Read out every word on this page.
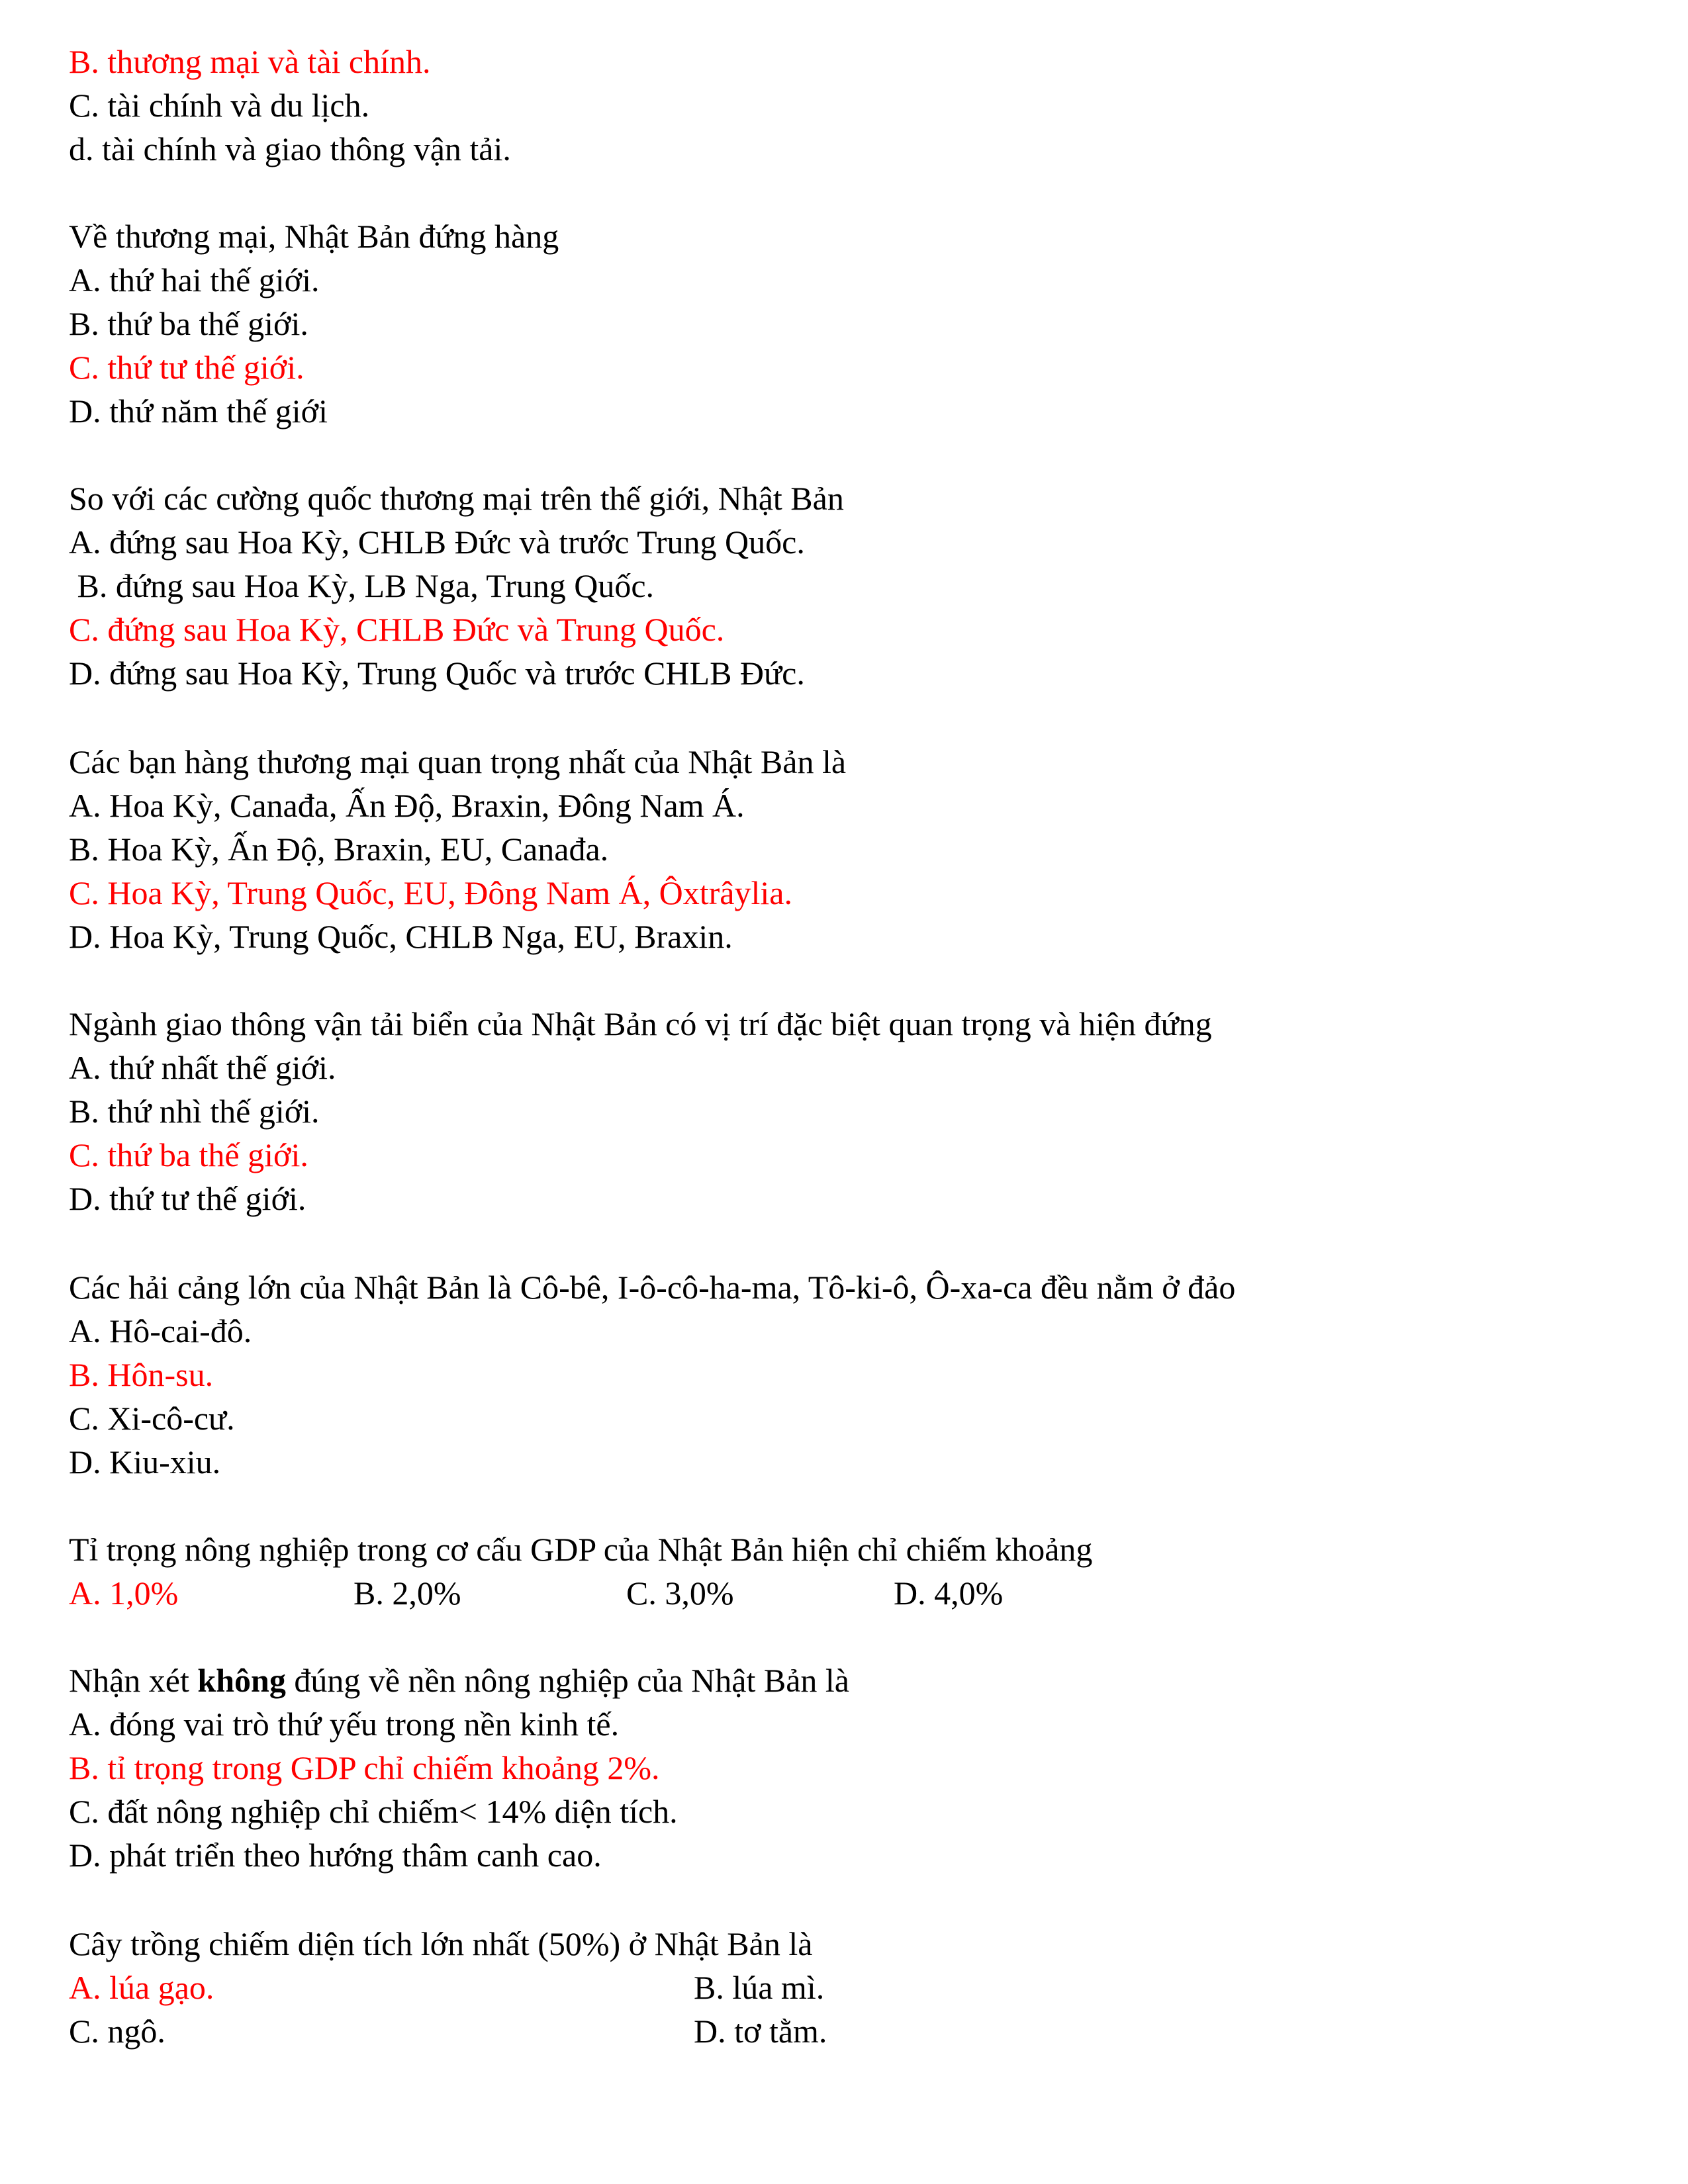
B. thương mại và tài chính.
C. tài chính và du lịch.
d. tài chính và giao thông vận tải.
Về thương mại, Nhật Bản đứng hàng
A. thứ hai thế giới.
B. thứ ba thế giới.
C. thứ tư thế giới.
D. thứ năm thế giới
So với các cường quốc thương mại trên thế giới, Nhật Bản
A. đứng sau Hoa Kỳ, CHLB Đức và trước Trung Quốc.
B. đứng sau Hoa Kỳ, LB Nga, Trung Quốc.
C. đứng sau Hoa Kỳ, CHLB Đức và Trung Quốc.
D. đứng sau Hoa Kỳ, Trung Quốc và trước CHLB Đức.
Các bạn hàng thương mại quan trọng nhất của Nhật Bản là
A. Hoa Kỳ, Canađa, Ấn Độ, Braxin, Đông Nam Á.
B. Hoa Kỳ, Ấn Độ, Braxin, EU, Canađa.
C. Hoa Kỳ, Trung Quốc, EU, Đông Nam Á, Ôxtrâylia.
D. Hoa Kỳ, Trung Quốc, CHLB Nga, EU, Braxin.
Ngành giao thông vận tải biển của Nhật Bản có vị trí đặc biệt quan trọng và hiện đứng
A. thứ nhất thế giới.
B. thứ nhì thế giới.
C. thứ ba thế giới.
D. thứ tư thế giới.
Các hải cảng lớn của Nhật Bản là Cô-bê, I-ô-cô-ha-ma, Tô-ki-ô, Ô-xa-ca đều nằm ở đảo
A. Hô-cai-đô.
B. Hôn-su.
C. Xi-cô-cư.
D. Kiu-xiu.
Tỉ trọng nông nghiệp trong cơ cấu GDP của Nhật Bản hiện chỉ chiếm khoảng
A. 1,0%	B. 2,0%	C. 3,0%	D. 4,0%
Nhận xét không đúng về nền nông nghiệp của Nhật Bản là
A. đóng vai trò thứ yếu trong nền kinh tế.
B. tỉ trọng trong GDP chỉ chiếm khoảng 2%.
C. đất nông nghiệp chỉ chiếm< 14% diện tích.
D. phát triển theo hướng thâm canh cao.
Cây trồng chiếm diện tích lớn nhất (50%) ở Nhật Bản là
A. lúa gạo.	B. lúa mì.
C. ngô.	D. tơ tằm.
